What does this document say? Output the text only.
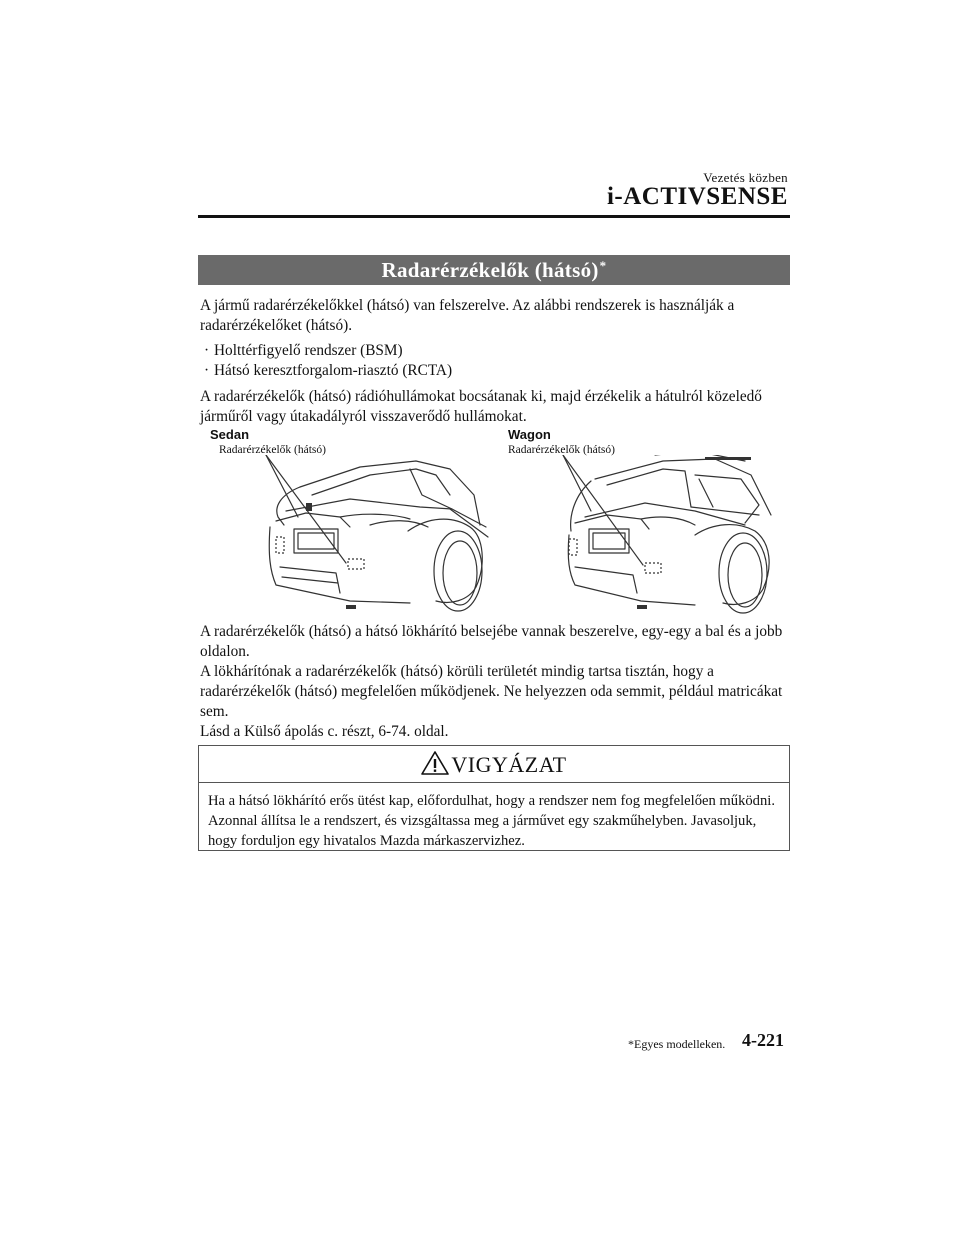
Vezetés közben
i-ACTIVSENSE
Radarérzékelők (hátsó)*

A jármű radarérzékelőkkel (hátsó) van felszerelve. Az alábbi rendszerek is használják a radarérzékelőket (hátsó).

· Holttérfigyelő rendszer (BSM)
· Hátsó keresztforgalom-riasztó (RCTA)

A radarérzékelők (hátsó) rádióhullámokat bocsátanak ki, majd érzékelik a hátulról közeledő járműről vagy útakadályról visszaverődő hullámokat.

Sedan	Wagon
Radarérzékelők (hátsó)	Radarérzékelők (hátsó)

A radarérzékelők (hátsó) a hátsó lökhárító belsejébe vannak beszerelve, egy-egy a bal és a jobb oldalon.
A lökhárítónak a radarérzékelők (hátsó) körüli területét mindig tartsa tisztán, hogy a radarérzékelők (hátsó) megfelelően működjenek. Ne helyezzen oda semmit, például matricákat sem.
Lásd a Külső ápolás c. részt, 6-74. oldal.

VIGYÁZAT

Ha a hátsó lökhárító erős ütést kap, előfordulhat, hogy a rendszer nem fog megfelelően működni. Azonnal állítsa le a rendszert, és vizsgáltassa meg a járművet egy szakműhelyben. Javasoljuk, hogy forduljon egy hivatalos Mazda márkaszervizhez.

*Egyes modelleken. 4-221
